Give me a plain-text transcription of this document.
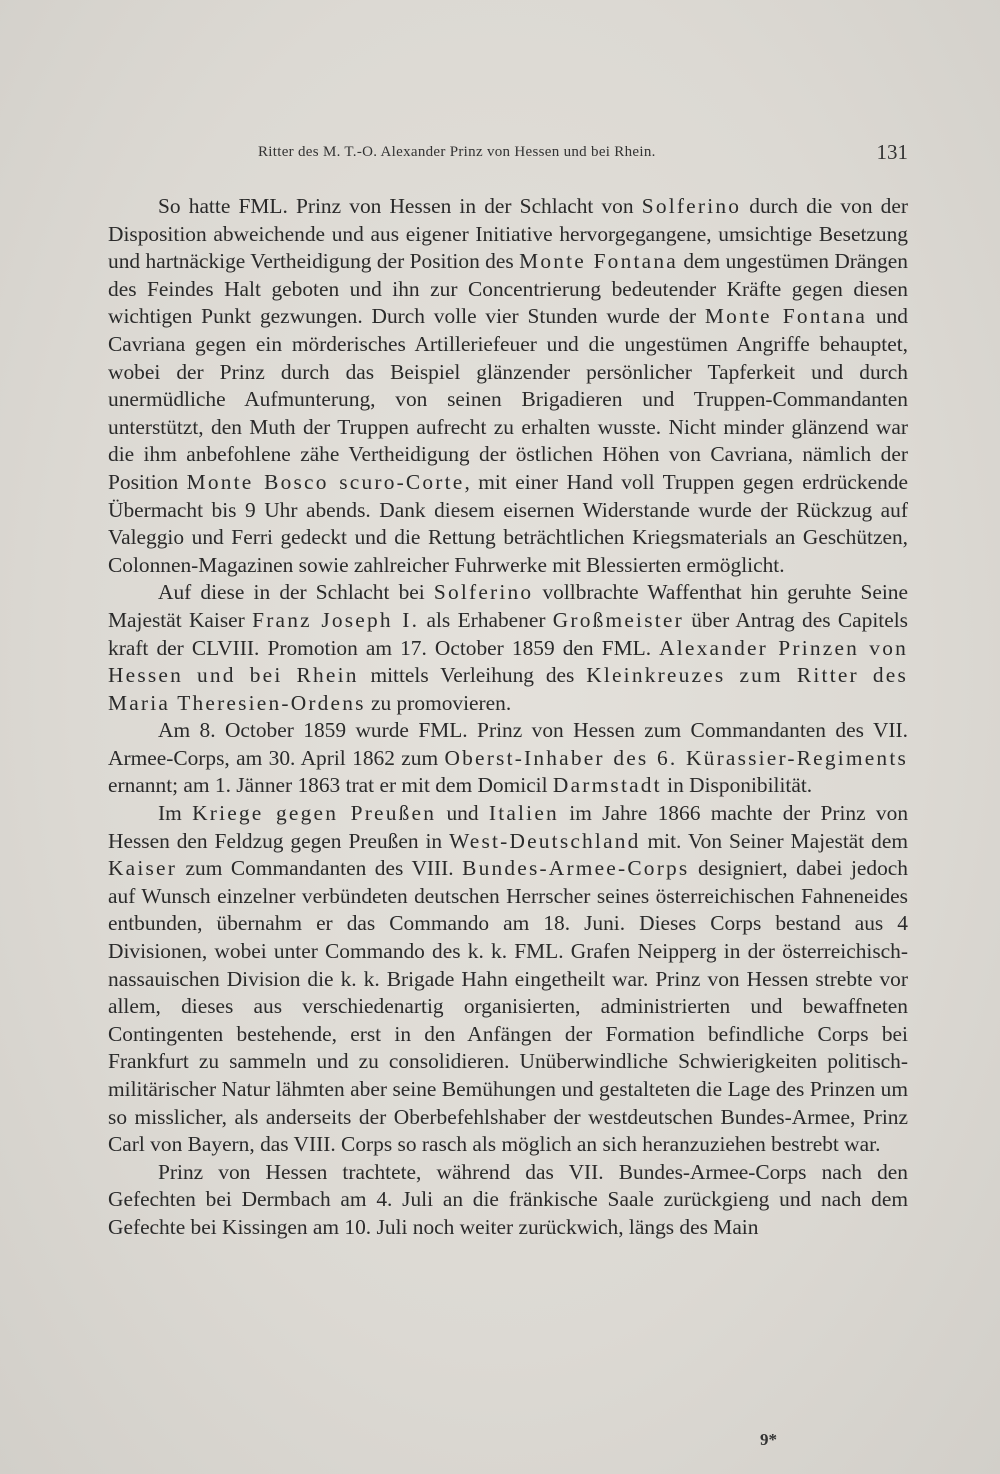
Ritter des M. T.-O. Alexander Prinz von Hessen und bei Rhein.	131

So hatte FML. Prinz von Hessen in der Schlacht von Solferino durch die von der Disposition abweichende und aus eigener Initiative hervorgegangene, umsichtige Besetzung und hartnäckige Vertheidigung der Position des Monte Fontana dem ungestümen Drängen des Feindes Halt geboten und ihn zur Concentrierung bedeutender Kräfte gegen diesen wichtigen Punkt gezwungen. Durch volle vier Stunden wurde der Monte Fontana und Cavriana gegen ein mörderisches Artilleriefeuer und die ungestümen Angriffe behauptet, wobei der Prinz durch das Beispiel glänzender persönlicher Tapferkeit und durch unermüdliche Aufmunterung, von seinen Brigadieren und Truppen-Commandanten unterstützt, den Muth der Truppen aufrecht zu erhalten wusste. Nicht minder glänzend war die ihm anbefohlene zähe Vertheidigung der östlichen Höhen von Cavriana, nämlich der Position Monte Bosco scuro-Corte, mit einer Hand voll Truppen gegen erdrückende Übermacht bis 9 Uhr abends. Dank diesem eisernen Widerstande wurde der Rückzug auf Valeggio und Ferri gedeckt und die Rettung beträchtlichen Kriegsmaterials an Geschützen, Colonnen-Magazinen sowie zahlreicher Fuhrwerke mit Blessierten ermöglicht.

Auf diese in der Schlacht bei Solferino vollbrachte Waffenthat hin geruhte Seine Majestät Kaiser Franz Joseph I. als Erhabener Großmeister über Antrag des Capitels kraft der CLVIII. Promotion am 17. October 1859 den FML. Alexander Prinzen von Hessen und bei Rhein mittels Verleihung des Kleinkreuzes zum Ritter des Maria Theresien-Ordens zu promovieren.

Am 8. October 1859 wurde FML. Prinz von Hessen zum Commandanten des VII. Armee-Corps, am 30. April 1862 zum Oberst-Inhaber des 6. Kürassier-Regiments ernannt; am 1. Jänner 1863 trat er mit dem Domicil Darmstadt in Disponibilität.

Im Kriege gegen Preußen und Italien im Jahre 1866 machte der Prinz von Hessen den Feldzug gegen Preußen in West-Deutschland mit. Von Seiner Majestät dem Kaiser zum Commandanten des VIII. Bundes-Armee-Corps designiert, dabei jedoch auf Wunsch einzelner verbündeten deutschen Herrscher seines österreichischen Fahneneides entbunden, übernahm er das Commando am 18. Juni. Dieses Corps bestand aus 4 Divisionen, wobei unter Commando des k. k. FML. Grafen Neipperg in der österreichisch-nassauischen Division die k. k. Brigade Hahn eingetheilt war. Prinz von Hessen strebte vor allem, dieses aus verschiedenartig organisierten, administrierten und bewaffneten Contingenten bestehende, erst in den Anfängen der Formation befindliche Corps bei Frankfurt zu sammeln und zu consolidieren. Unüberwindliche Schwierigkeiten politisch-militärischer Natur lähmten aber seine Bemühungen und gestalteten die Lage des Prinzen um so misslicher, als anderseits der Oberbefehlshaber der westdeutschen Bundes-Armee, Prinz Carl von Bayern, das VIII. Corps so rasch als möglich an sich heranzuziehen bestrebt war.

Prinz von Hessen trachtete, während das VII. Bundes-Armee-Corps nach den Gefechten bei Dermbach am 4. Juli an die fränkische Saale zurückgieng und nach dem Gefechte bei Kissingen am 10. Juli noch weiter zurückwich, längs des Main

9*
